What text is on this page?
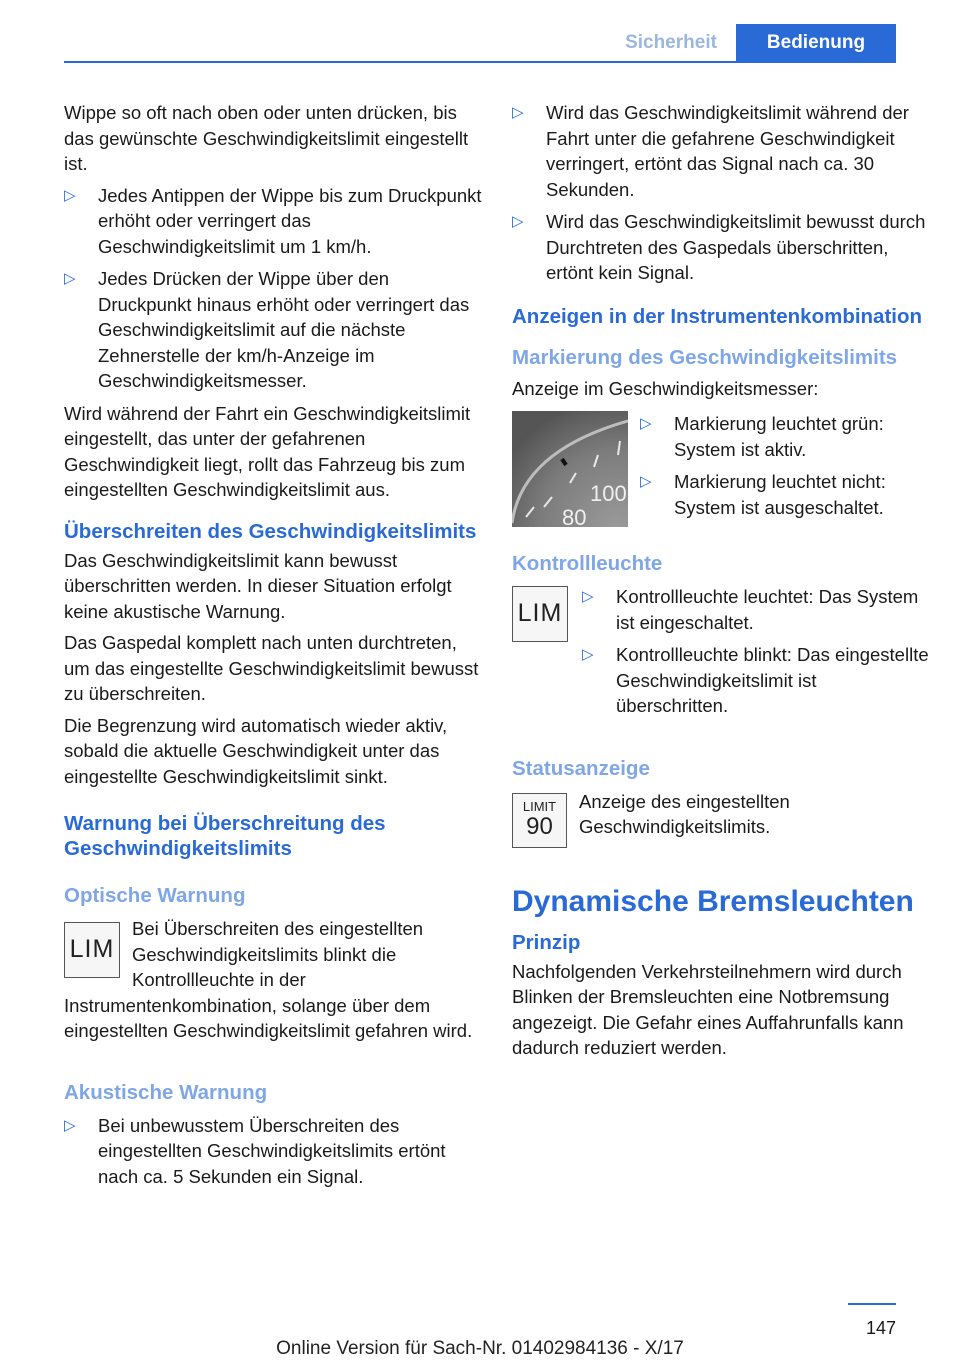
Sicherheit	Bedienung

Wippe so oft nach oben oder unten drücken, bis das gewünschte Geschwindigkeitslimit eingestellt ist.

▷	Jedes Antippen der Wippe bis zum Druckpunkt erhöht oder verringert das Geschwindigkeitslimit um 1 km/h.
▷	Jedes Drücken der Wippe über den Druckpunkt hinaus erhöht oder verringert das Geschwindigkeitslimit auf die nächste Zehnerstelle der km/h-Anzeige im Geschwindigkeitsmesser.

Wird während der Fahrt ein Geschwindigkeitslimit eingestellt, das unter der gefahrenen Geschwindigkeit liegt, rollt das Fahrzeug bis zum eingestellten Geschwindigkeitslimit aus.

Überschreiten des Geschwindigkeitslimits

Das Geschwindigkeitslimit kann bewusst überschritten werden. In dieser Situation erfolgt keine akustische Warnung.

Das Gaspedal komplett nach unten durchtreten, um das eingestellte Geschwindigkeitslimit bewusst zu überschreiten.

Die Begrenzung wird automatisch wieder aktiv, sobald die aktuelle Geschwindigkeit unter das eingestellte Geschwindigkeitslimit sinkt.

Warnung bei Überschreitung des Geschwindigkeitslimits
Optische Warnung
LIM

Bei Überschreiten des eingestellten Geschwindigkeitslimits blinkt die Kontrollleuchte in der Instrumentenkombination, solange über dem eingestellten Geschwindigkeitslimit gefahren wird.

Akustische Warnung
▷	Bei unbewusstem Überschreiten des eingestellten Geschwindigkeitslimits ertönt nach ca. 5 Sekunden ein Signal.
▷	Wird das Geschwindigkeitslimit während der Fahrt unter die gefahrene Geschwindigkeit verringert, ertönt das Signal nach ca. 30 Sekunden.
▷	Wird das Geschwindigkeitslimit bewusst durch Durchtreten des Gaspedals überschritten, ertönt kein Signal.
Anzeigen in der Instrumentenkombination
Markierung des Geschwindigkeitslimits

Anzeige im Geschwindigkeitsmesser:

100
80
▷	Markierung leuchtet grün: System ist aktiv.
▷	Markierung leuchtet nicht: System ist ausgeschaltet.
Kontrollleuchte
LIM
▷	Kontrollleuchte leuchtet: Das System ist eingeschaltet.
▷	Kontrollleuchte blinkt: Das eingestellte Geschwindigkeitslimit ist überschritten.
Statusanzeige
LIMIT
90

Anzeige des eingestellten Geschwindigkeitslimits.

Dynamische Bremsleuchten
Prinzip

Nachfolgenden Verkehrsteilnehmern wird durch Blinken der Bremsleuchten eine Notbremsung angezeigt. Die Gefahr eines Auffahrunfalls kann dadurch reduziert werden.

147
Online Version für Sach-Nr. 01402984136 - X/17
